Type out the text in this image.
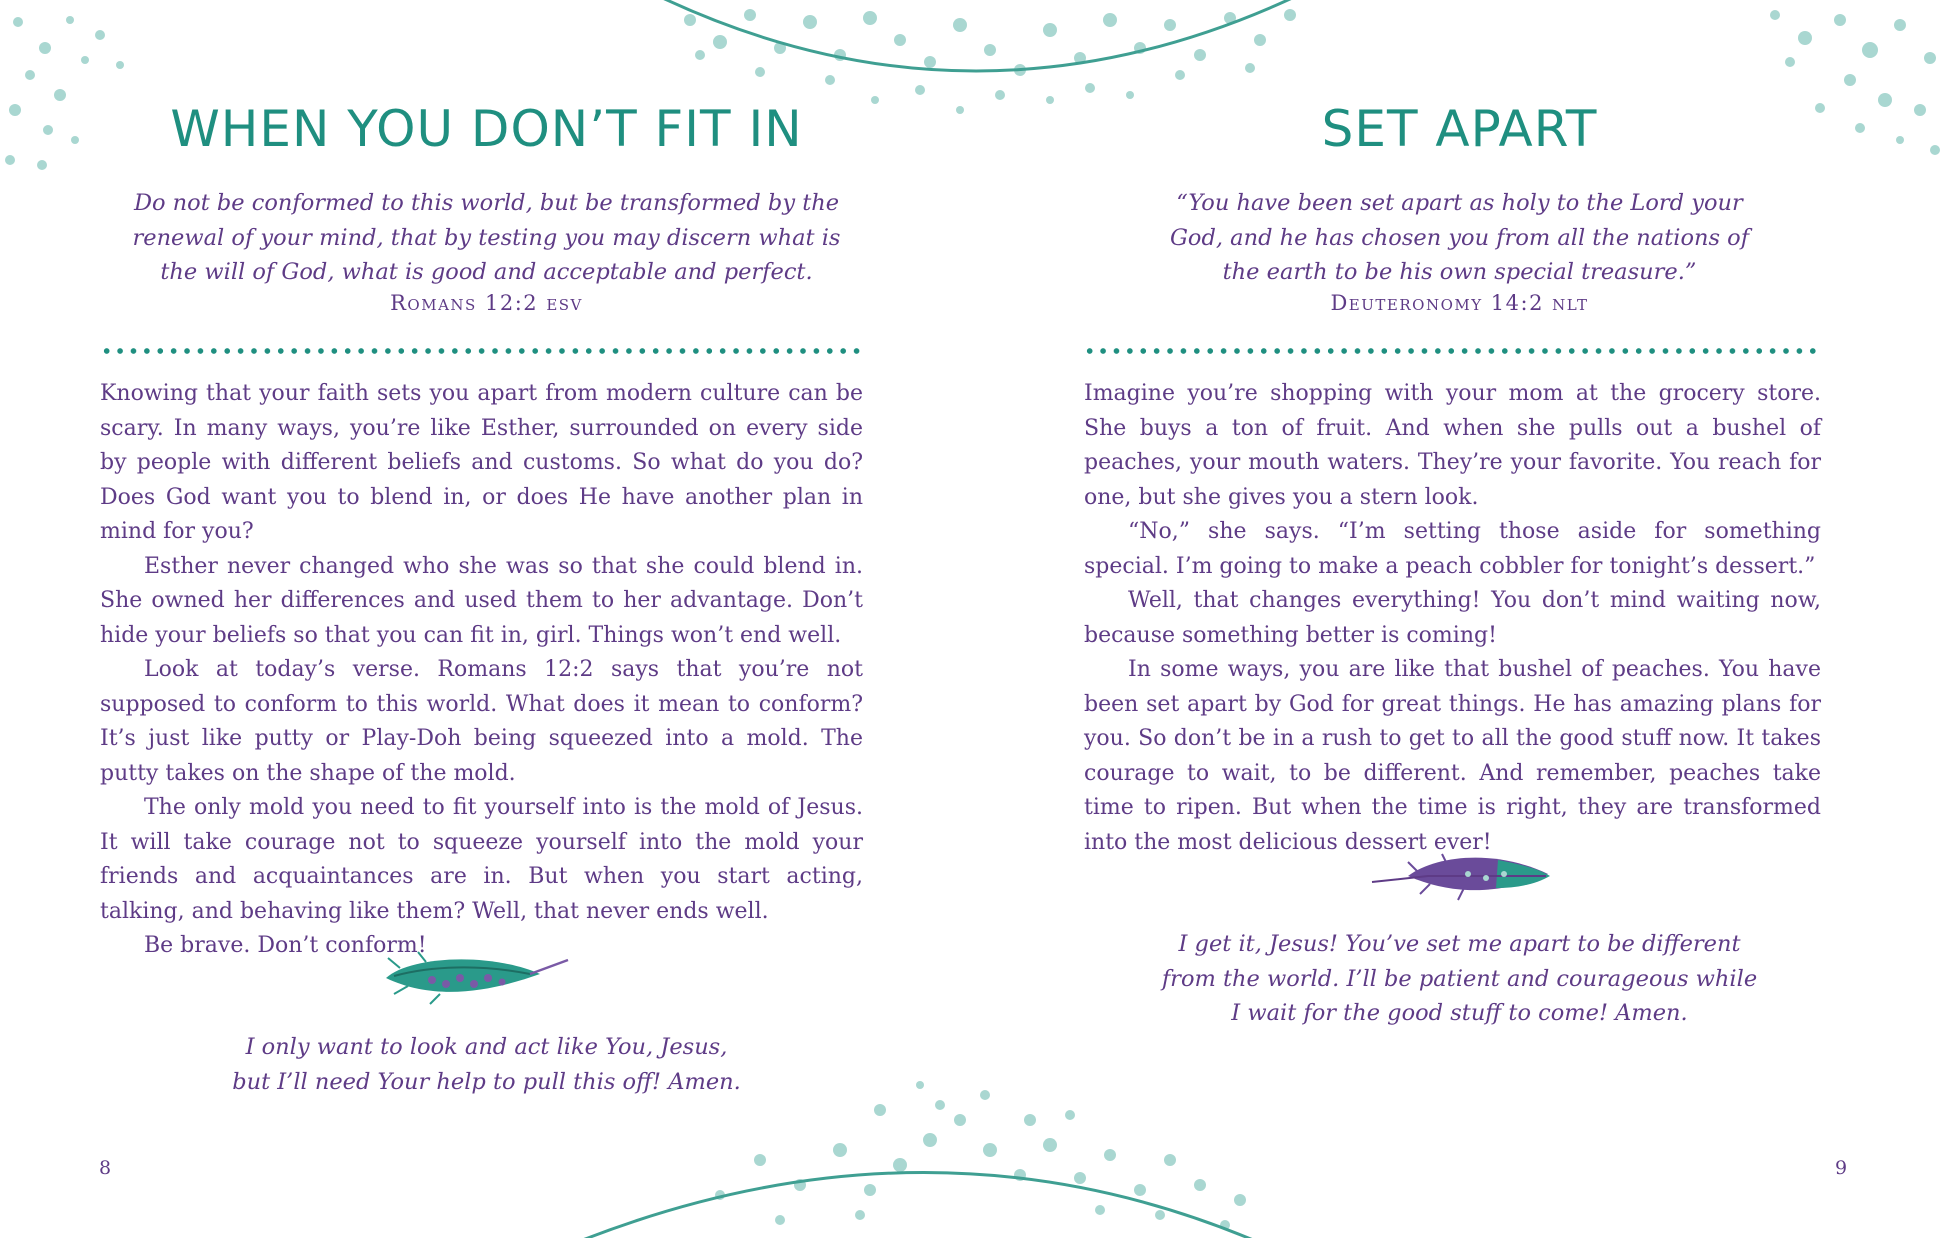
WHEN YOU DON’T FIT IN
Do not be conformed to this world, but be transformed by the
renewal of your mind, that by testing you may discern what is
the will of God, what is good and acceptable and perfect.
Romans 12:2 esv

Knowing that your faith sets you apart from modern culture can be scary. In many ways, you’re like Esther, surrounded on every side by people with different beliefs and customs. So what do you do? Does God want you to blend in, or does He have another plan in mind for you?

Esther never changed who she was so that she could blend in. She owned her differences and used them to her advantage. Don’t hide your beliefs so that you can fit in, girl. Things won’t end well.

Look at today’s verse. Romans 12:2 says that you’re not supposed to conform to this world. What does it mean to conform? It’s just like putty or Play-Doh being squeezed into a mold. The putty takes on the shape of the mold.

The only mold you need to fit yourself into is the mold of Jesus. It will take courage not to squeeze yourself into the mold your friends and acquaintances are in. But when you start acting, talking, and behaving like them? Well, that never ends well.

Be brave. Don’t conform!

I only want to look and act like You, Jesus,
but I’ll need Your help to pull this off! Amen.
8
SET APART
“You have been set apart as holy to the Lord your
God, and he has chosen you from all the nations of
the earth to be his own special treasure.”
Deuteronomy 14:2 nlt

Imagine you’re shopping with your mom at the grocery store. She buys a ton of fruit. And when she pulls out a bushel of peaches, your mouth waters. They’re your favorite. You reach for one, but she gives you a stern look.

“No,” she says. “I’m setting those aside for something special. I’m going to make a peach cobbler for tonight’s dessert.”

Well, that changes everything! You don’t mind waiting now, because something better is coming!

In some ways, you are like that bushel of peaches. You have been set apart by God for great things. He has amazing plans for you. So don’t be in a rush to get to all the good stuff now. It takes courage to wait, to be different. And remember, peaches take time to ripen. But when the time is right, they are transformed into the most delicious dessert ever!

I get it, Jesus! You’ve set me apart to be different
from the world. I’ll be patient and courageous while
I wait for the good stuff to come! Amen.
9
